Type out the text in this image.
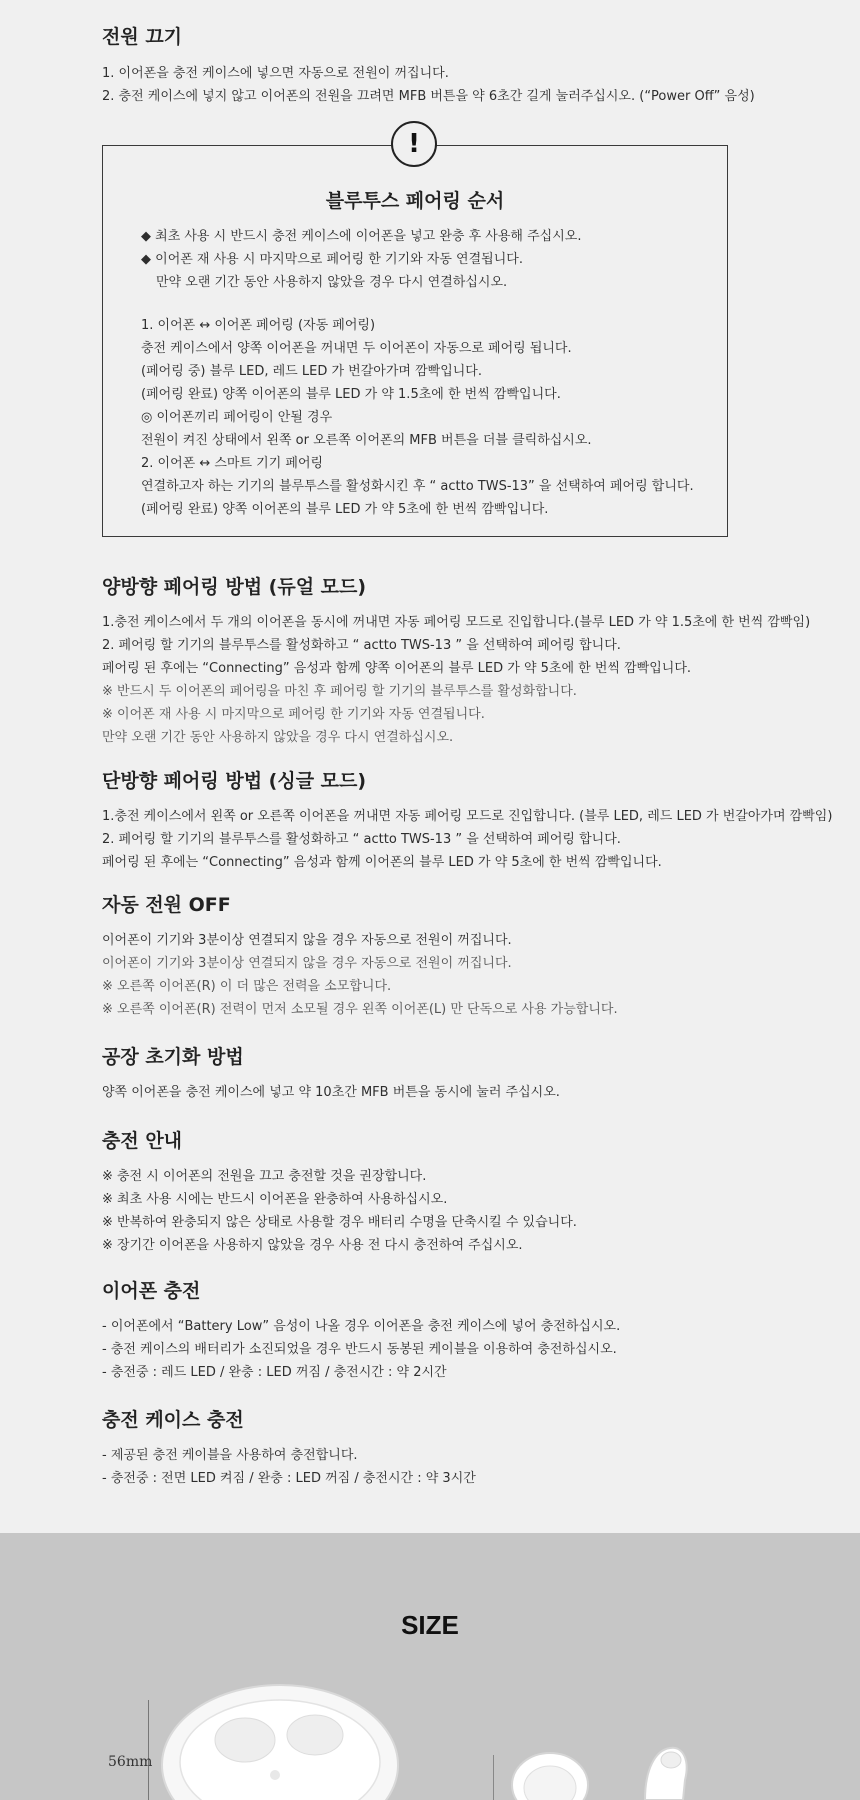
전원 끄기

1. 이어폰을 충전 케이스에 넣으면 자동으로 전원이 꺼집니다.

2. 충전 케이스에 넣지 않고 이어폰의 전원을 끄려면 MFB 버튼을 약 6초간 길게 눌러주십시오. (“Power Off” 음성)

◆ 최초 사용 시 반드시 충전 케이스에 이어폰을 넣고 완충 후 사용해 주십시오.

◆ 이어폰 재 사용 시 마지막으로 페어링 한 기기와 자동 연결됩니다.

만약 오랜 기간 동안 사용하지 않았을 경우 다시 연결하십시오.

1. 이어폰 ↔ 이어폰 페어링 (자동 페어링)

충전 케이스에서 양쪽 이어폰을 꺼내면 두 이어폰이 자동으로 페어링 됩니다.

(페어링 중) 블루 LED, 레드 LED 가 번갈아가며 깜빡입니다.

(페어링 완료) 양쪽 이어폰의 블루 LED 가 약 1.5초에 한 번씩 깜빡입니다.

◎ 이어폰끼리 페어링이 안될 경우

전원이 켜진 상태에서 왼쪽 or 오른쪽 이어폰의 MFB 버튼을 더블 클릭하십시오.

2. 이어폰 ↔ 스마트 기기 페어링

연결하고자 하는 기기의 블루투스를 활성화시킨 후 “ actto TWS-13” 을 선택하여 페어링 합니다.

(페어링 완료) 양쪽 이어폰의 블루 LED 가 약 5초에 한 번씩 깜빡입니다.

!
블루투스 페어링 순서
양방향 페어링 방법 (듀얼 모드)

1.충전 케이스에서 두 개의 이어폰을 동시에 꺼내면 자동 페어링 모드로 진입합니다.(블루 LED 가 약 1.5초에 한 번씩 깜빡임)

2. 페어링 할 기기의 블루투스를 활성화하고 “ actto TWS-13 ” 을 선택하여 페어링 합니다.

페어링 된 후에는 “Connecting” 음성과 함께 양쪽 이어폰의 블루 LED 가 약 5초에 한 번씩 깜빡입니다.

※ 반드시 두 이어폰의 페어링을 마친 후 페어링 할 기기의 블루투스를 활성화합니다.

※ 이어폰 재 사용 시 마지막으로 페어링 한 기기와 자동 연결됩니다.

만약 오랜 기간 동안 사용하지 않았을 경우 다시 연결하십시오.

단방향 페어링 방법 (싱글 모드)

1.충전 케이스에서 왼쪽 or 오른쪽 이어폰을 꺼내면 자동 페어링 모드로 진입합니다. (블루 LED, 레드 LED 가 번갈아가며 깜빡임)

2. 페어링 할 기기의 블루투스를 활성화하고 “ actto TWS-13 ” 을 선택하여 페어링 합니다.

페어링 된 후에는 “Connecting” 음성과 함께 이어폰의 블루 LED 가 약 5초에 한 번씩 깜빡입니다.

자동 전원 OFF

이어폰이 기기와 3분이상 연결되지 않을 경우 자동으로 전원이 꺼집니다.

이어폰이 기기와 3분이상 연결되지 않을 경우 자동으로 전원이 꺼집니다.

※ 오른쪽 이어폰(R) 이 더 많은 전력을 소모합니다.

※ 오른쪽 이어폰(R) 전력이 먼저 소모될 경우 왼쪽 이어폰(L) 만 단독으로 사용 가능합니다.

공장 초기화 방법

양쪽 이어폰을 충전 케이스에 넣고 약 10초간 MFB 버튼을 동시에 눌러 주십시오.

충전 안내

※ 충전 시 이어폰의 전원을 끄고 충전할 것을 권장합니다.

※ 최초 사용 시에는 반드시 이어폰을 완충하여 사용하십시오.

※ 반복하여 완충되지 않은 상태로 사용할 경우 배터리 수명을 단축시킬 수 있습니다.

※ 장기간 이어폰을 사용하지 않았을 경우 사용 전 다시 충전하여 주십시오.

이어폰 충전

- 이어폰에서 “Battery Low” 음성이 나올 경우 이어폰을 충전 케이스에 넣어 충전하십시오.

- 충전 케이스의 배터리가 소진되었을 경우 반드시 동봉된 케이블을 이용하여 충전하십시오.

- 충전중 : 레드 LED / 완충 : LED 꺼짐 / 충전시간 : 약 2시간

충전 케이스 충전

- 제공된 충전 케이블을 사용하여 충전합니다.

- 충전중 : 전면 LED 켜짐 / 완충 : LED 꺼짐 / 충전시간 : 약 3시간

SIZE
56mm
